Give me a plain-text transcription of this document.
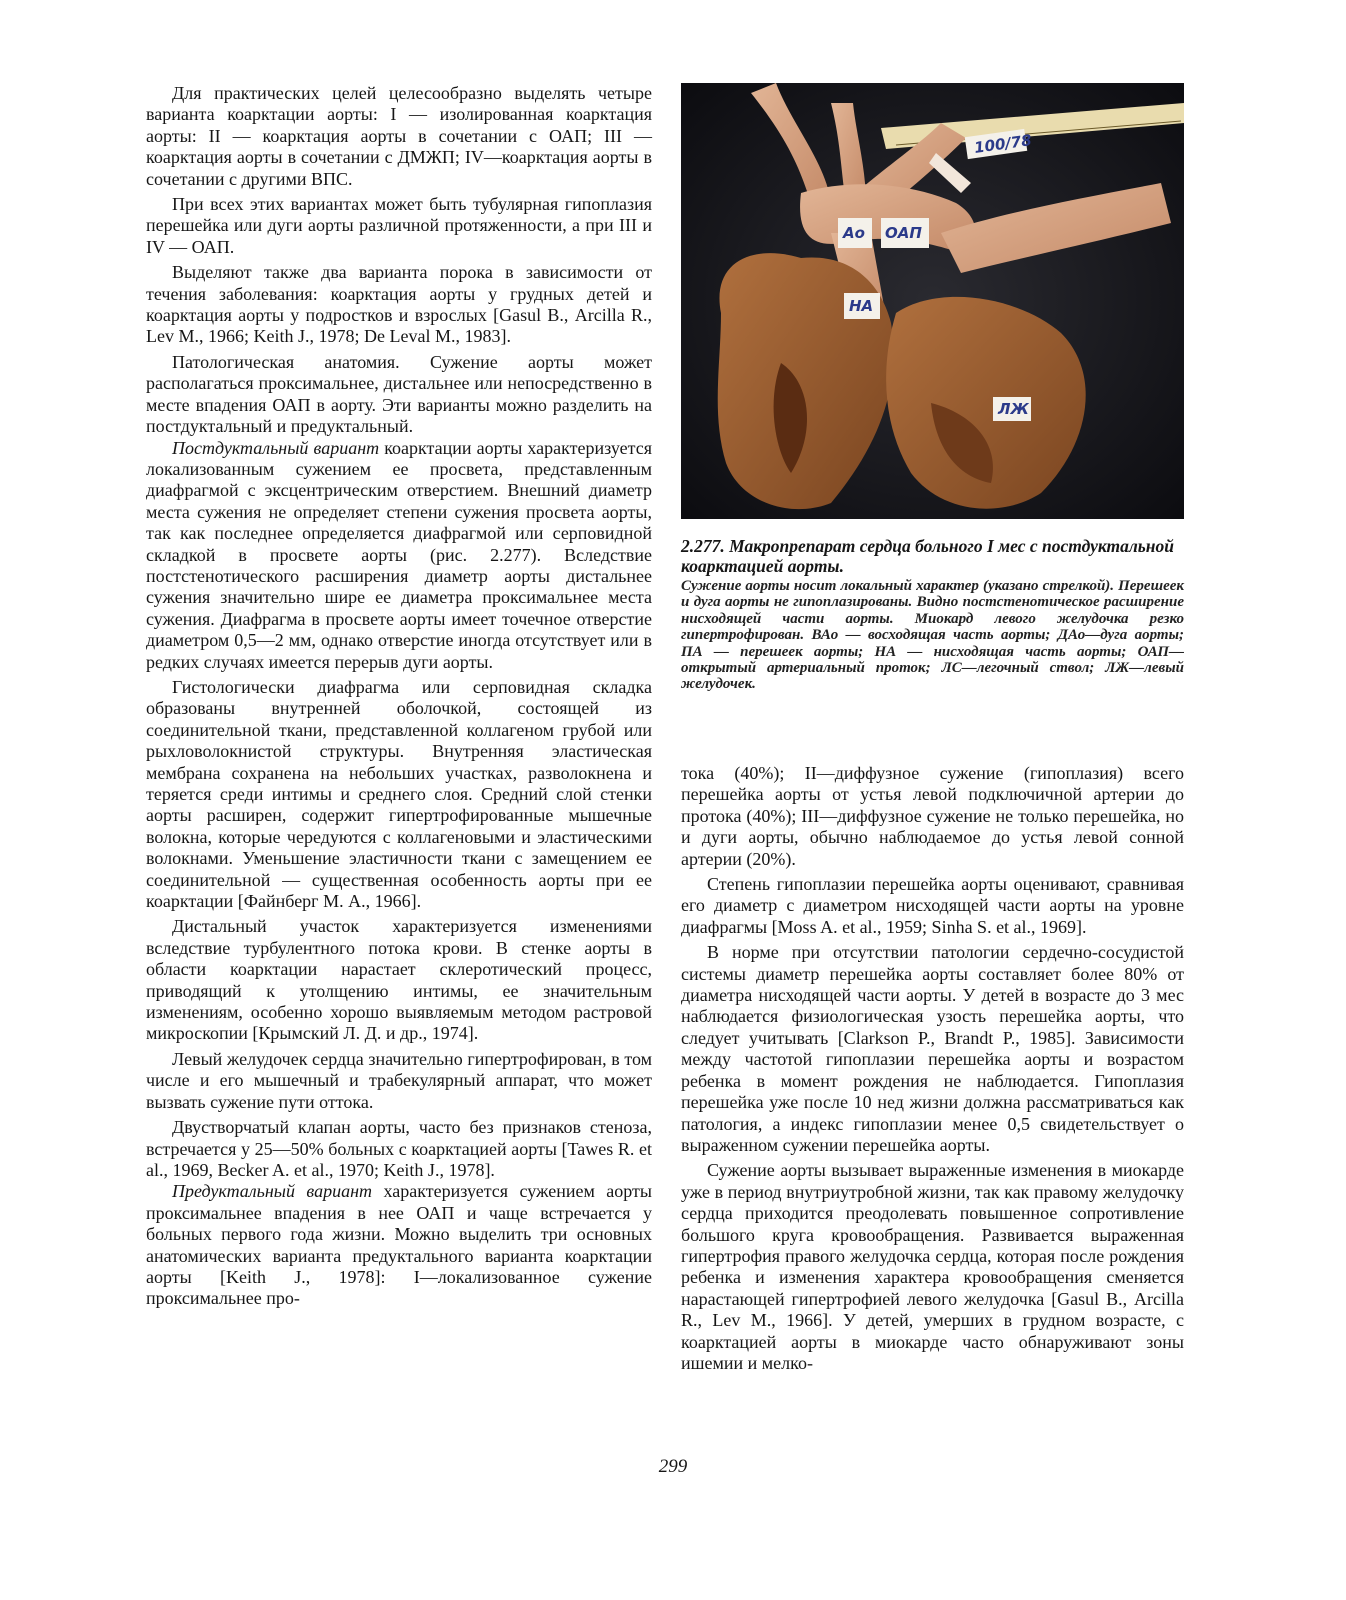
Для практических целей целесообразно выделять четыре варианта коарктации аорты: I — изолированная коарктация аорты: II — коарктация аорты в сочетании с ОАП; III — коарктация аорты в сочетании с ДМЖП; IV—коарктация аорты в сочетании с другими ВПС.

При всех этих вариантах может быть тубулярная гипоплазия перешейка или дуги аорты различной протяженности, а при III и IV — ОАП.

Выделяют также два варианта порока в зависимости от течения заболевания: коарктация аорты у грудных детей и коарктация аорты у подростков и взрослых [Gasul В., Arcilla R., Lev M., 1966; Keith J., 1978; De Leval M., 1983].

Патологическая анатомия. Сужение аорты может располагаться проксимальнее, дистальнее или непосредственно в месте впадения ОАП в аорту. Эти варианты можно разделить на постдуктальный и предуктальный.

Постдуктальный вариант коарктации аорты характеризуется локализованным сужением ее просвета, представленным диафрагмой с эксцентрическим отверстием. Внешний диаметр места сужения не определяет степени сужения просвета аорты, так как последнее определяется диафрагмой или серповидной складкой в просвете аорты (рис. 2.277). Вследствие постстенотического расширения диаметр аорты дистальнее сужения значительно шире ее диаметра проксимальнее места сужения. Диафрагма в просвете аорты имеет точечное отверстие диаметром 0,5—2 мм, однако отверстие иногда отсутствует или в редких случаях имеется перерыв дуги аорты.

Гистологически диафрагма или серповидная складка образованы внутренней оболочкой, состоящей из соединительной ткани, представленной коллагеном грубой или рыхловолокнистой структуры. Внутренняя эластическая мембрана сохранена на небольших участках, разволокнена и теряется среди интимы и среднего слоя. Средний слой стенки аорты расширен, содержит гипертрофированные мышечные волокна, которые чередуются с коллагеновыми и эластическими волокнами. Уменьшение эластичности ткани с замещением ее соединительной — существенная особенность аорты при ее коарктации [Файнберг М. А., 1966].

Дистальный участок характеризуется изменениями вследствие турбулентного потока крови. В стенке аорты в области коарктации нарастает склеротический процесс, приводящий к утолщению интимы, ее значительным изменениям, особенно хорошо выявляемым методом растровой микроскопии [Крымский Л. Д. и др., 1974].

Левый желудочек сердца значительно гипертрофирован, в том числе и его мышечный и трабекулярный аппарат, что может вызвать сужение пути оттока.

Двустворчатый клапан аорты, часто без признаков стеноза, встречается у 25—50% больных с коарктацией аорты [Tawes R. et al., 1969, Becker A. et al., 1970; Keith J., 1978].

Предуктальный вариант характеризуется сужением аорты проксимальнее впадения в нее ОАП и чаще встречается у больных первого года жизни. Можно выделить три основных анатомических варианта предуктального варианта коарктации аорты [Keith J., 1978]: I—локализованное сужение проксимальнее про-

100/78
Ао ОАП
НА
ЛЖ

2.277. Макропрепарат сердца больного I мес с постдуктальной коарктацией аорты.

Сужение аорты носит локальный характер (указано стрелкой). Перешеек и дуга аорты не гипоплазированы. Видно постстенотическое расширение нисходящей части аорты. Миокард левого желудочка резко гипертрофирован. ВАо — восходящая часть аорты; ДАо—дуга аорты; ПА — перешеек аорты; НА — нисходящая часть аорты; ОАП— открытый артериальный проток; ЛС—легочный ствол; ЛЖ—левый желудочек.

тока (40%); II—диффузное сужение (гипоплазия) всего перешейка аорты от устья левой подключичной артерии до протока (40%); III—диффузное сужение не только перешейка, но и дуги аорты, обычно наблюдаемое до устья левой сонной артерии (20%).

Степень гипоплазии перешейка аорты оценивают, сравнивая его диаметр с диаметром нисходящей части аорты на уровне диафрагмы [Moss A. et al., 1959; Sinha S. et al., 1969].

В норме при отсутствии патологии сердечно-сосудистой системы диаметр перешейка аорты составляет более 80% от диаметра нисходящей части аорты. У детей в возрасте до 3 мес наблюдается физиологическая узость перешейка аорты, что следует учитывать [Clarkson P., Brandt P., 1985]. Зависимости между частотой гипоплазии перешейка аорты и возрастом ребенка в момент рождения не наблюдается. Гипоплазия перешейка уже после 10 нед жизни должна рассматриваться как патология, а индекс гипоплазии менее 0,5 свидетельствует о выраженном сужении перешейка аорты.

Сужение аорты вызывает выраженные изменения в миокарде уже в период внутриутробной жизни, так как правому желудочку сердца приходится преодолевать повышенное сопротивление большого круга кровообращения. Развивается выраженная гипертрофия правого желудочка сердца, которая после рождения ребенка и изменения характера кровообращения сменяется нарастающей гипертрофией левого желудочка [Gasul В., Arcilla R., Lev M., 1966]. У детей, умерших в грудном возрасте, с коарктацией аорты в миокарде часто обнаруживают зоны ишемии и мелко-

299
